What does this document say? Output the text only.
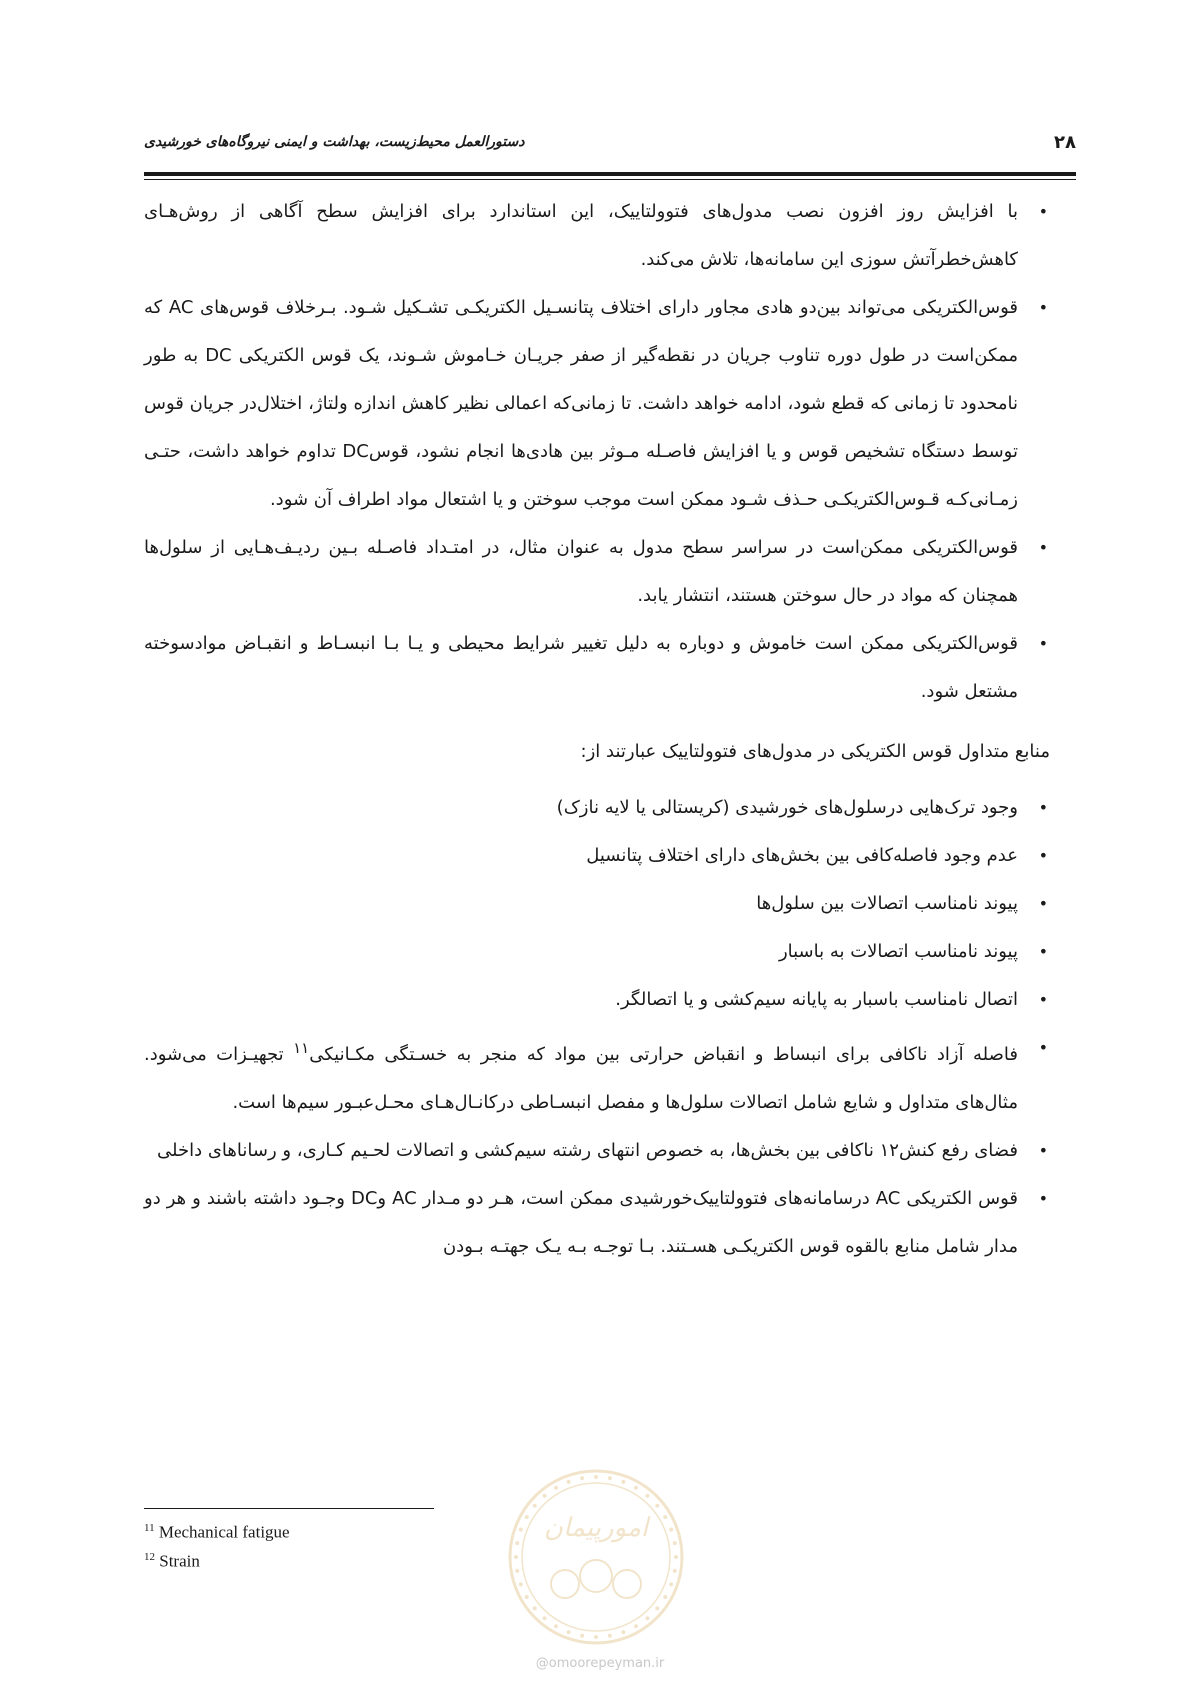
۲۸
دستورالعمل محیط‌زیست، بهداشت و ایمنی نیروگاه‌های خورشیدی
•
با افزایش روز افزون نصب مدول‌های فتوولتاییک، این استاندارد برای افزایش سطح آگاهی از روش‌هـای کاهش‌خطرآتش سوزی این سامانه‌ها، تلاش می‌کند.
•
قوس‌الکتریکی می‌تواند بین‌دو هادی مجاور دارای اختلاف پتانسـیل الکتریکـی تشـکیل شـود. بـرخلاف قوس‌های AC که ممکن‌است در طول دوره تناوب جریان در نقطه‌گیر از صفر جریـان خـاموش شـوند، یک قوس الکتریکی DC به طور نامحدود تا زمانی که قطع شود، ادامه خواهد داشت. تا زمانی‌که اعمالی نظیر کاهش اندازه ولتاژ، اختلال‌در جریان قوس توسط دستگاه تشخیص قوس و یا افزایش فاصـله مـوثر بین هادی‌ها انجام نشود، قوسDC تداوم خواهد داشت، حتـی زمـانی‌کـه قـوس‌الکتریکـی حـذف شـود ممکن است موجب سوختن و یا اشتعال مواد اطراف آن شود.
•
قوس‌الکتریکی ممکن‌است در سراسر سطح مدول به عنوان مثال، در امتـداد فاصـله بـین ردیـف‌هـایی از سلول‌ها همچنان که مواد در حال سوختن هستند، انتشار یابد.
•
قوس‌الکتریکی ممکن است خاموش و دوباره به دلیل تغییر شرایط محیطی و یـا بـا انبسـاط و انقبـاض موادسوخته مشتعل شود.

منابع متداول قوس الکتریکی در مدول‌های فتوولتاییک عبارتند از:

•
وجود ترک‌هایی درسلول‌های خورشیدی (کریستالی یا لایه نازک)
•
عدم وجود فاصله‌کافی بین بخش‌های دارای اختلاف پتانسیل
•
پیوند نامناسب اتصالات بین سلول‌ها
•
پیوند نامناسب اتصالات به باسبار
•
اتصال نامناسب باسبار به پایانه سیم‌کشی و یا اتصالگر.
•
فاصله آزاد ناکافی برای انبساط و انقباض حرارتی بین مواد که منجر به خسـتگی مکـانیکی$^{۱۱}$ تجهیـزات می‌شود. مثال‌های متداول و شایع شامل اتصالات سلول‌ها و مفصل انبسـاطی درکانـال‌هـای محـل‌عبـور سیم‌ها است.
•
فضای رفع کنش۱۲ ناکافی بین بخش‌ها، به خصوص انتهای رشته سیم‌کشی و اتصالات لحـیم کـاری، و رساناهای داخلی
•
قوس الکتریکی AC درسامانه‌های فتوولتاییک‌خورشیدی ممکن است، هـر دو مـدار AC وDC وجـود داشته باشند و هر دو مدار شامل منابع بالقوه قوس الکتریکـی هسـتند. بـا توجـه بـه یـک جهتـه بـودن
$^{11}$ Mechanical fatigue
$^{12}$ Strain
امورپیمان
@omoorepeyman.ir
